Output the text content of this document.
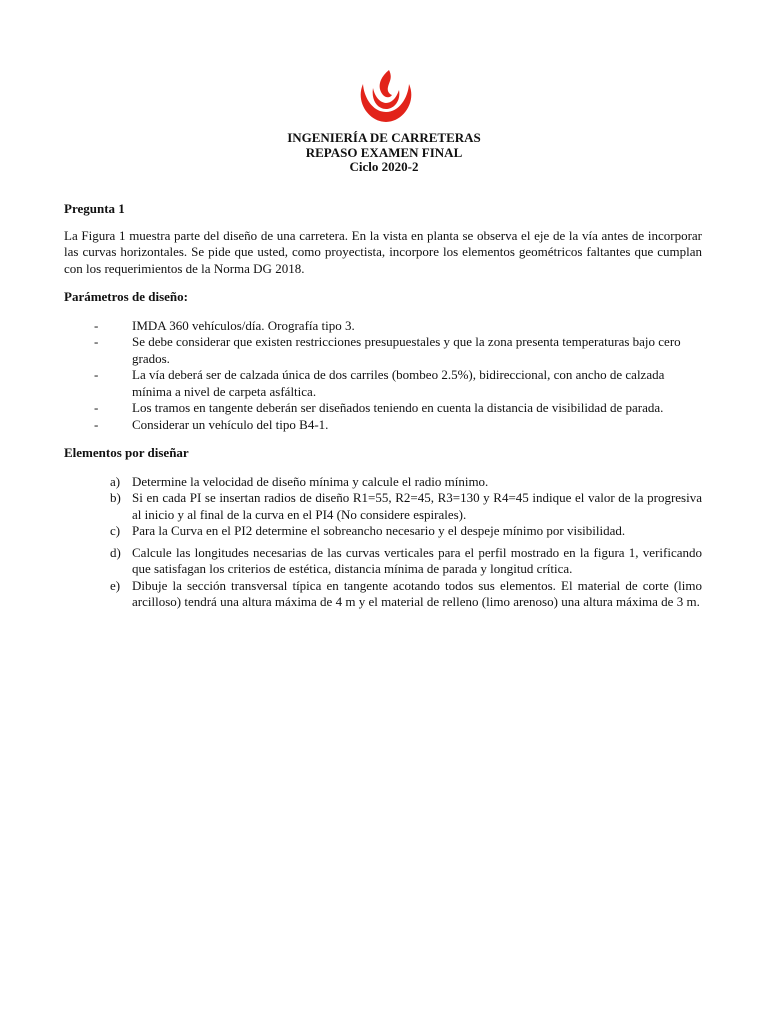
INGENIERÍA DE CARRETERAS
REPASO EXAMEN FINAL
Ciclo 2020-2

Pregunta 1

La Figura 1 muestra parte del diseño de una carretera. En la vista en planta se observa el eje de la vía antes de incorporar las curvas horizontales. Se pide que usted, como proyectista, incorpore los elementos geométricos faltantes que cumplan con los requerimientos de la Norma DG 2018.

Parámetros de diseño:

-	IMDA 360 vehículos/día. Orografía tipo 3.
-	Se debe considerar que existen restricciones presupuestales y que la zona presenta temperaturas bajo cero grados.
-	La vía deberá ser de calzada única de dos carriles (bombeo 2.5%), bidireccional, con ancho de calzada mínima a nivel de carpeta asfáltica.
-	Los tramos en tangente deberán ser diseñados teniendo en cuenta la distancia de visibilidad de parada.
-	Considerar un vehículo del tipo B4-1.

Elementos por diseñar

a) Determine la velocidad de diseño mínima y calcule el radio mínimo.
b) Si en cada PI se insertan radios de diseño R1=55, R2=45, R3=130 y R4=45 indique el valor de la progresiva al inicio y al final de la curva en el PI4 (No considere espirales).
c) Para la Curva en el PI2 determine el sobreancho necesario y el despeje mínimo por visibilidad.
d) Calcule las longitudes necesarias de las curvas verticales para el perfil mostrado en la figura 1, verificando que satisfagan los criterios de estética, distancia mínima de parada y longitud crítica.
e) Dibuje la sección transversal típica en tangente acotando todos sus elementos. El material de corte (limo arcilloso) tendrá una altura máxima de 4 m y el material de relleno (limo arenoso) una altura máxima de 3 m.
